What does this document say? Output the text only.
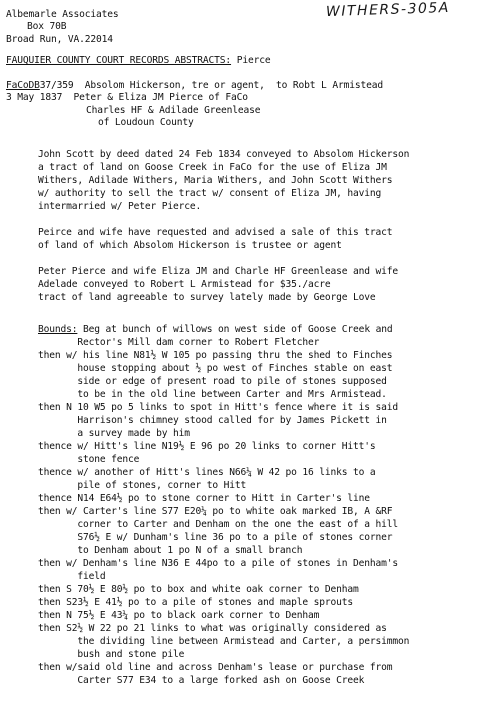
WITHERS-305A
Albemarle Associates
Box 70B
Broad Run, VA.22014
FAUQUIER COUNTY COURT RECORDS ABSTRACTS: Pierce
FaCoDB37/359  Absolom Hickerson, tre or agent,  to Robt L Armistead
3 May 1837  Peter & Eliza JM Pierce of FaCo
Charles HF & Adilade Greenlease
of Loudoun County
John Scott by deed dated 24 Feb 1834 conveyed to Absolom Hickerson
a tract of land on Goose Creek in FaCo for the use of Eliza JM
Withers, Adilade Withers, Maria Withers, and John Scott Withers
w/ authority to sell the tract w/ consent of Eliza JM, having
intermarried w/ Peter Pierce.
Peirce and wife have requested and advised a sale of this tract
of land of which Absolom Hickerson is trustee or agent
Peter Pierce and wife Eliza JM and Charle HF Greenlease and wife
Adelade conveyed to Robert L Armistead for $35./acre
tract of land agreeable to survey lately made by George Love
Bounds: Beg at bunch of willows on west side of Goose Creek and
Rector's Mill dam corner to Robert Fletcher
then w/ his line N81½ W 105 po passing thru the shed to Finches
house stopping about ½ po west of Finches stable on east
side or edge of present road to pile of stones supposed
to be in the old line between Carter and Mrs Armistead.
then N 10 W5 po 5 links to spot in Hitt's fence where it is said
Harrison's chimney stood called for by James Pickett in
a survey made by him
thence w/ Hitt's line N19½ E 96 po 20 links to corner Hitt's
stone fence
thence w/ another of Hitt's lines N66¼ W 42 po 16 links to a
pile of stones, corner to Hitt
thence N14 E64½ po to stone corner to Hitt in Carter's line
then w/ Carter's line S77 E20¼ po to white oak marked IB, A &RF
corner to Carter and Denham on the one the east of a hill
S76½ E w/ Dunham's line 36 po to a pile of stones corner
to Denham about 1 po N of a small branch
then w/ Denham's line N36 E 44po to a pile of stones in Denham's
field
then S 70½ E 80½ po to box and white oak corner to Denham
then S23½ E 41½ po to a pile of stones and maple sprouts
then N 75½ E 43¼ po to black oark corner to Denham
then S2½ W 22 po 21 links to what was originally considered as
the dividing line between Armistead and Carter, a persimmon
bush and stone pile
then w/said old line and across Denham's lease or purchase from
Carter S77 E34 to a large forked ash on Goose Creek
